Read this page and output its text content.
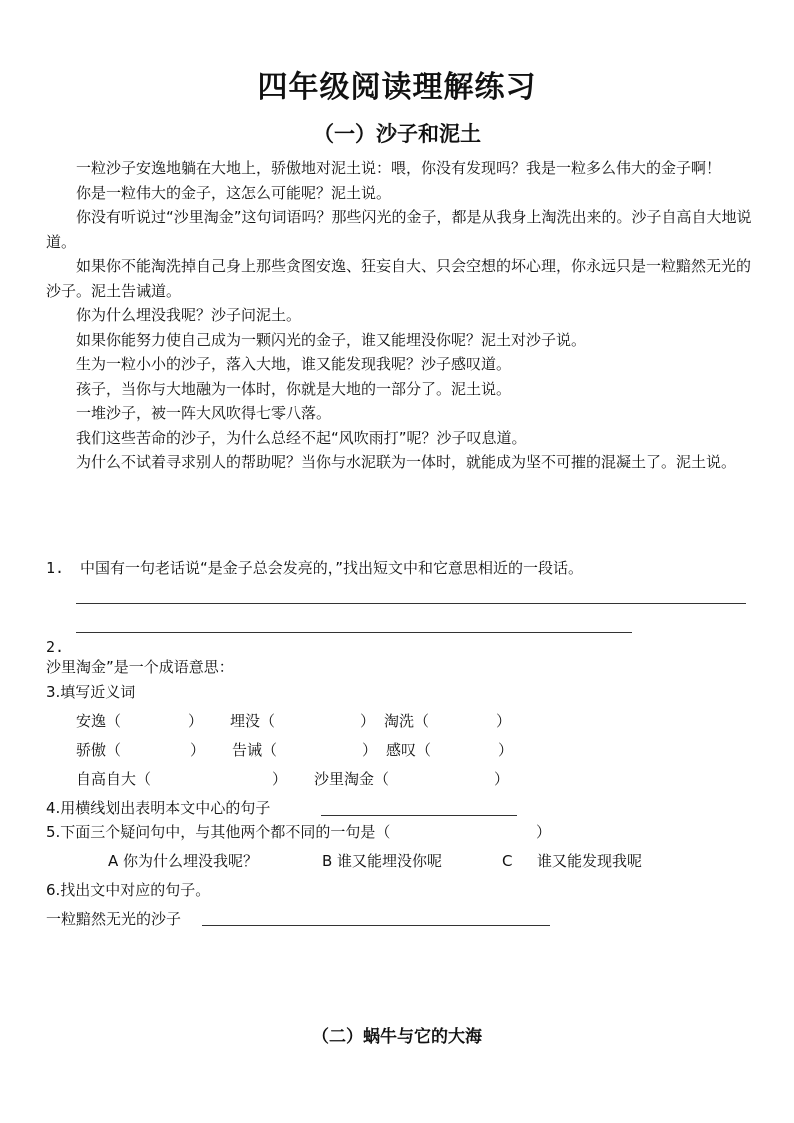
四年级阅读理解练习
（一）沙子和泥土

一粒沙子安逸地躺在大地上，骄傲地对泥土说：喂，你没有发现吗？我是一粒多么伟大的金子啊！

你是一粒伟大的金子，这怎么可能呢？泥土说。

你没有听说过“沙里淘金”这句词语吗？那些闪光的金子，都是从我身上淘洗出来的。沙子自高自大地说道。

如果你不能淘洗掉自己身上那些贪图安逸、狂妄自大、只会空想的坏心理，你永远只是一粒黯然无光的沙子。泥土告诫道。

你为什么埋没我呢？沙子问泥土。

如果你能努力使自己成为一颗闪光的金子，谁又能埋没你呢？泥土对沙子说。

生为一粒小小的沙子，落入大地，谁又能发现我呢？沙子感叹道。

孩子，当你与大地融为一体时，你就是大地的一部分了。泥土说。

一堆沙子，被一阵大风吹得七零八落。

我们这些苦命的沙子，为什么总经不起“风吹雨打”呢？沙子叹息道。

为什么不试着寻求别人的帮助呢？当你与水泥联为一体时，就能成为坚不可摧的混凝土了。泥土说。

1. 中国有一句老话说“是金子总会发亮的，”找出短文中和它意思相近的一段话。
2.
沙里淘金”是一个成语意思：
3.填写近义词
安逸（	） 埋没（	） 淘洗（	）
骄傲（	） 告诫（	） 感叹（	）
自高自大（	） 沙里淘金（	）
4.用横线划出表明本文中心的句子
5.下面三个疑问句中，与其他两个都不同的一句是（	）
A 你为什么埋没我呢？	B 谁又能埋没你呢	C 谁又能发现我呢
6.找出文中对应的句子。
一粒黯然无光的沙子
（二）蜗牛与它的大海
